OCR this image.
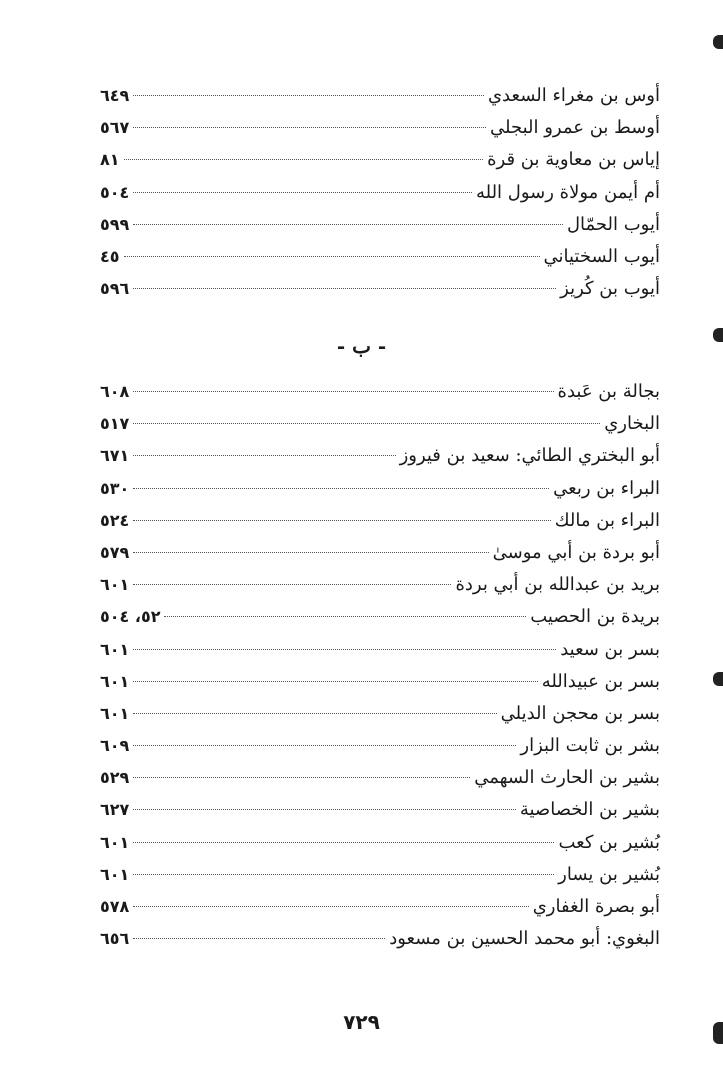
أوس بن مغراء السعدي
٦٤٩
أوسط بن عمرو البجلي
٥٦٧
إياس بن معاوية بن قرة
٨١
أم أيمن مولاة رسول الله
٥٠٤
أيوب الحمّال
٥٩٩
أيوب السختياني
٤٥
أيوب بن كُريز
٥٩٦
- ب -
بجالة بن عَبدة
٦٠٨
البخاري
٥١٧
أبو البختري الطائي: سعيد بن فيروز
٦٧١
البراء بن ربعي
٥٣٠
البراء بن مالك
٥٢٤
أبو بردة بن أبي موسىٰ
٥٧٩
بريد بن عبدالله بن أبي بردة
٦٠١
بريدة بن الحصيب
٥٢، ٥٠٤
بسر بن سعيد
٦٠١
بسر بن عبيدالله
٦٠١
بسر بن محجن الديلي
٦٠١
بشر بن ثابت البزار
٦٠٩
بشير بن الحارث السهمي
٥٢٩
بشير بن الخصاصية
٦٢٧
بُشير بن كعب
٦٠١
بُشير بن يسار
٦٠١
أبو بصرة الغفاري
٥٧٨
البغوي: أبو محمد الحسين بن مسعود
٦٥٦
٧٢٩
